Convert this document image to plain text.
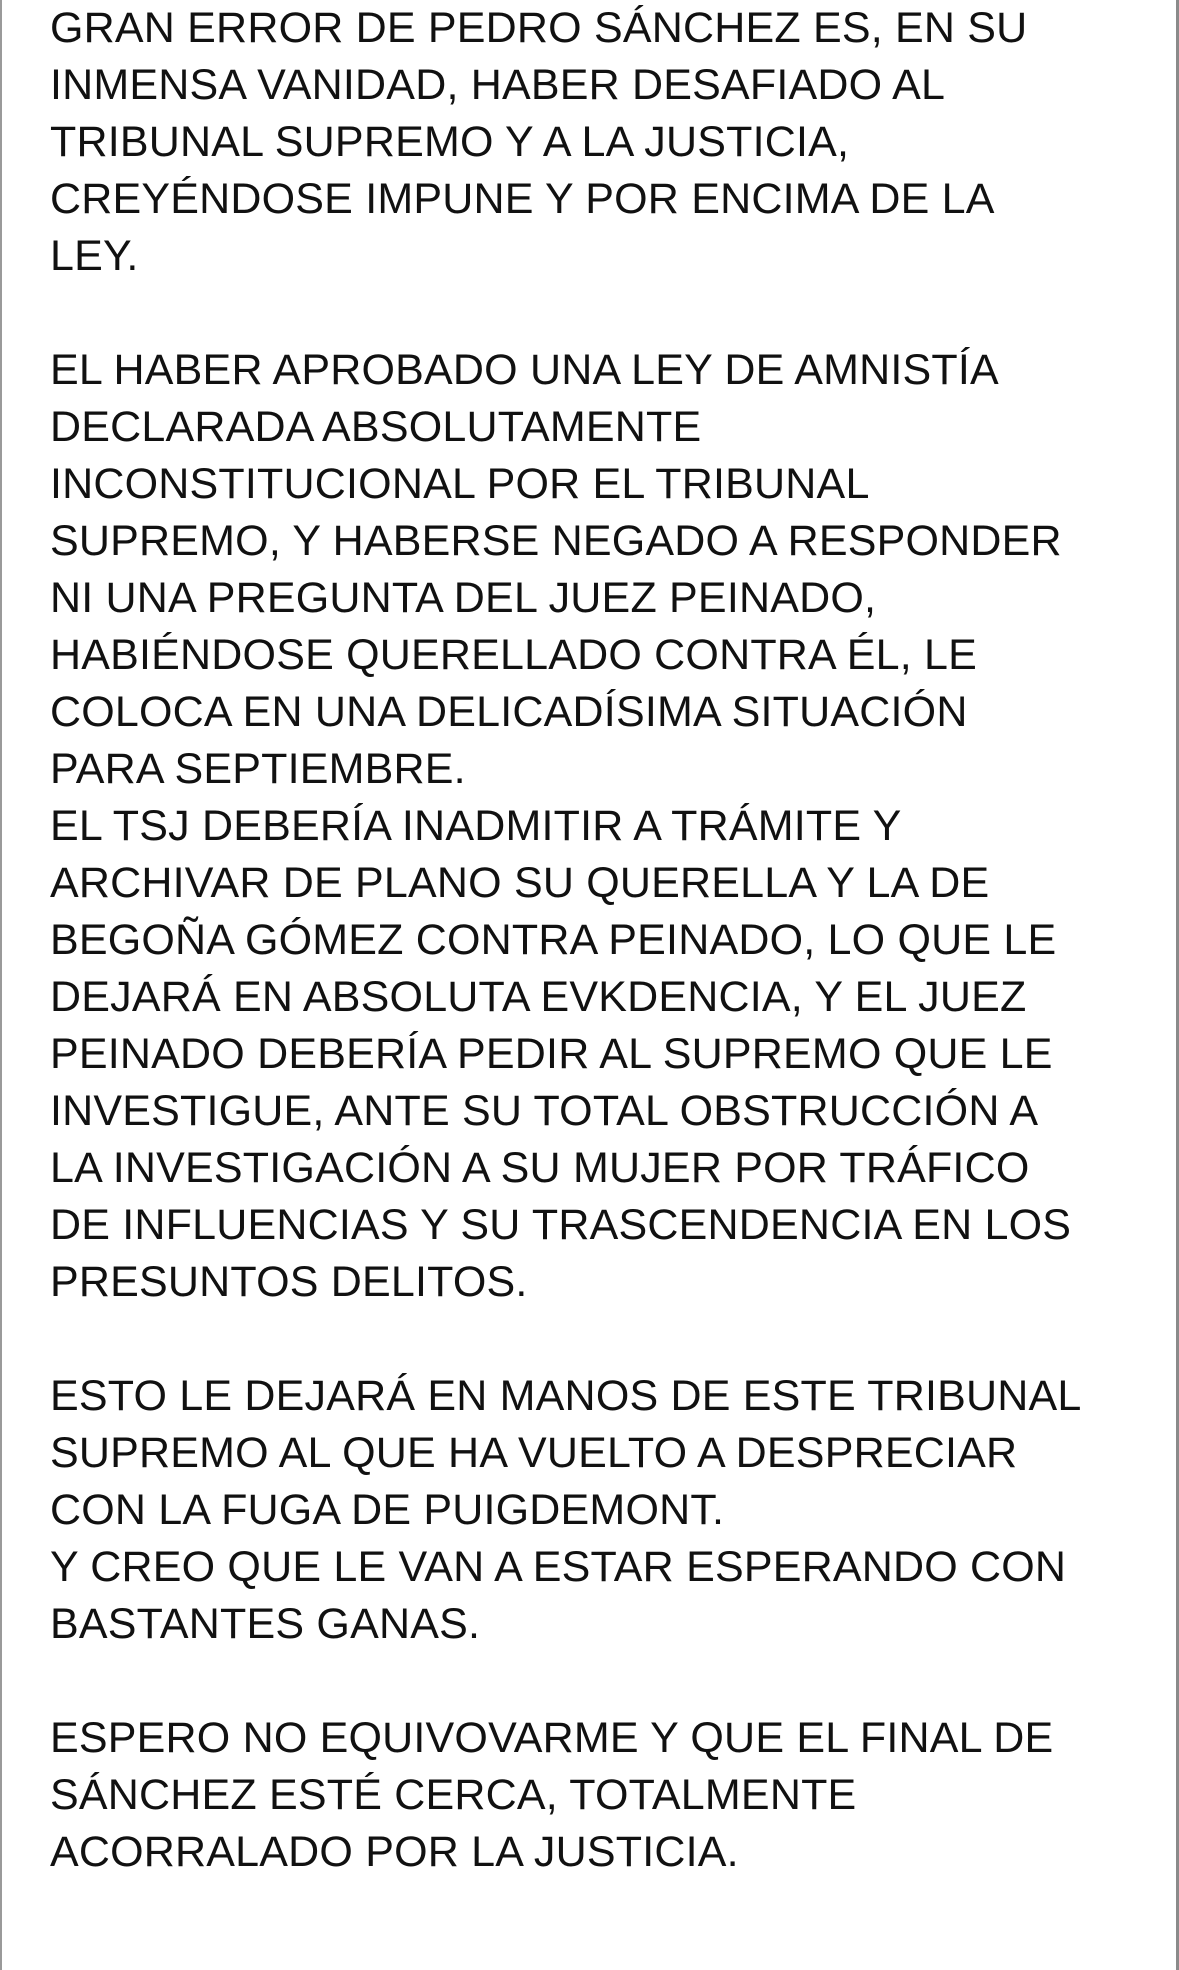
GRAN ERROR DE PEDRO SÁNCHEZ ES, EN SU
INMENSA VANIDAD, HABER DESAFIADO AL
TRIBUNAL SUPREMO Y A LA JUSTICIA,
CREYÉNDOSE IMPUNE Y POR ENCIMA DE LA
LEY.
EL HABER APROBADO UNA LEY DE AMNISTÍA
DECLARADA ABSOLUTAMENTE
INCONSTITUCIONAL POR EL TRIBUNAL
SUPREMO, Y HABERSE NEGADO A RESPONDER
NI UNA PREGUNTA DEL JUEZ PEINADO,
HABIÉNDOSE QUERELLADO CONTRA ÉL, LE
COLOCA EN UNA DELICADÍSIMA SITUACIÓN
PARA SEPTIEMBRE.
EL TSJ DEBERÍA INADMITIR A TRÁMITE Y
ARCHIVAR DE PLANO SU QUERELLA Y LA DE
BEGOÑA GÓMEZ CONTRA PEINADO, LO QUE LE
DEJARÁ EN ABSOLUTA EVKDENCIA, Y EL JUEZ
PEINADO DEBERÍA PEDIR AL SUPREMO QUE LE
INVESTIGUE, ANTE SU TOTAL OBSTRUCCIÓN A
LA INVESTIGACIÓN A SU MUJER POR TRÁFICO
DE INFLUENCIAS Y SU TRASCENDENCIA EN LOS
PRESUNTOS DELITOS.
ESTO LE DEJARÁ EN MANOS DE ESTE TRIBUNAL
SUPREMO AL QUE HA VUELTO A DESPRECIAR
CON LA FUGA DE PUIGDEMONT.
Y CREO QUE LE VAN A ESTAR ESPERANDO CON
BASTANTES GANAS.
ESPERO NO EQUIVOVARME Y QUE EL FINAL DE
SÁNCHEZ ESTÉ CERCA, TOTALMENTE
ACORRALADO POR LA JUSTICIA.
